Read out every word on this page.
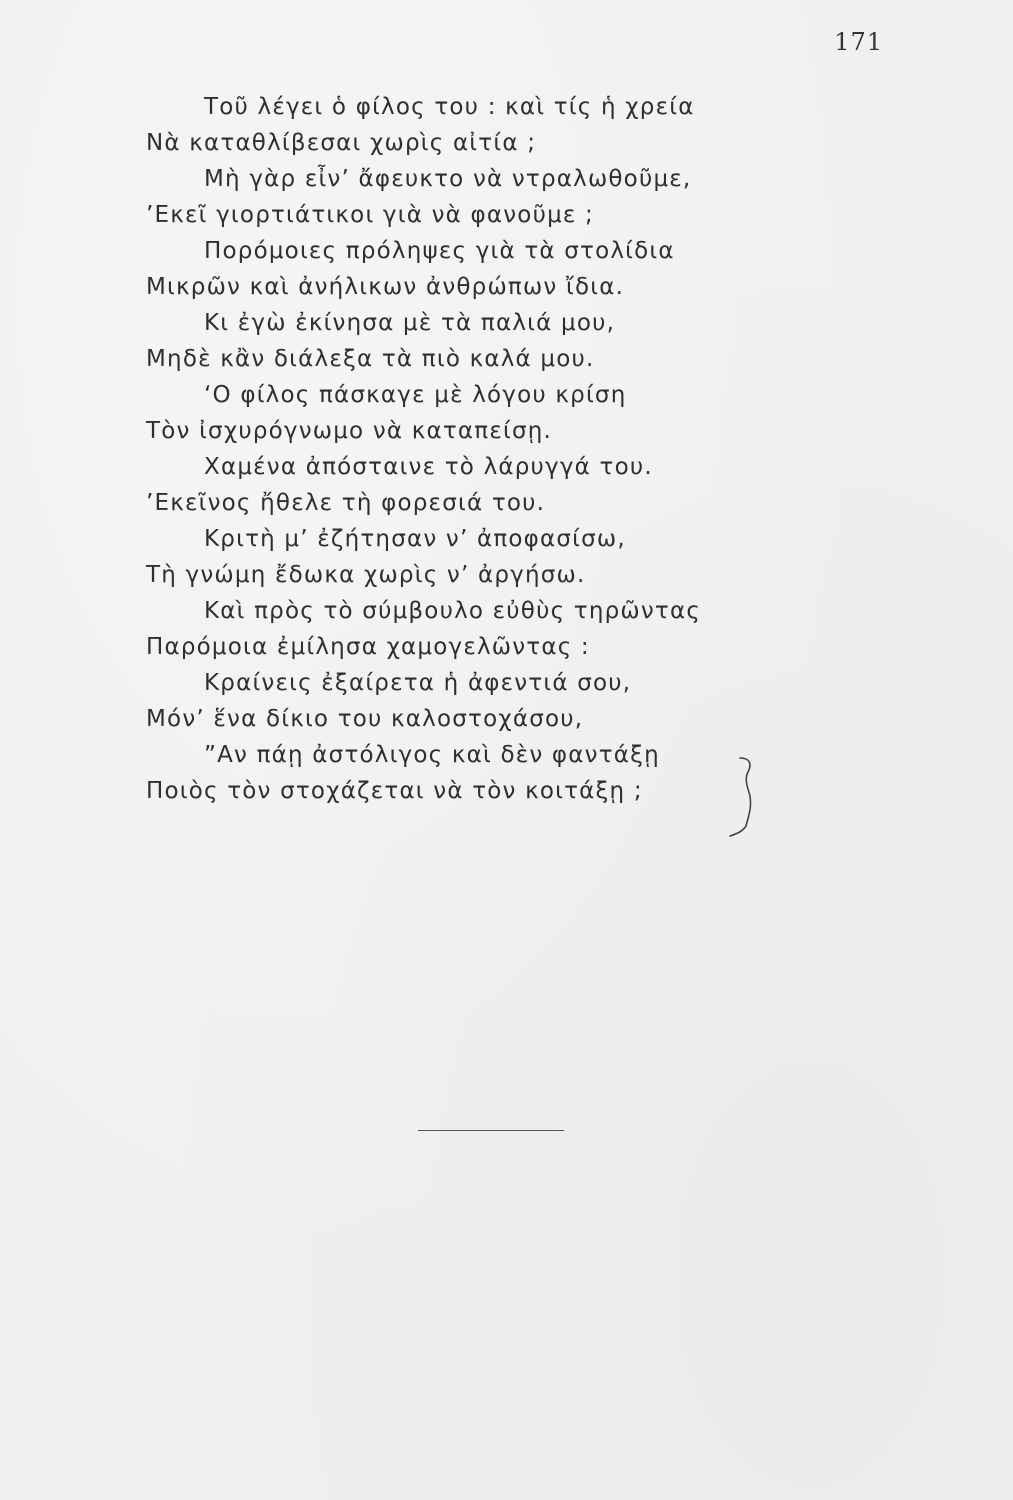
171
Τοῦ λέγει ὁ φίλος του : καὶ τίς ἡ χρεία
Νὰ καταθλίβεσαι χωρὶς αἰτία ;
Μὴ γὰρ εἶν’ ἄφευκτο νὰ ντραλωθοῦμε,
’Εκεῖ γιορτιάτικοι γιὰ νὰ φανοῦμε ;
Πορόμοιες πρόληψες γιὰ τὰ στολίδια
Μικρῶν καὶ ἀνήλικων ἀνθρώπων ἴδια.
Κι ἐγὼ ἐκίνησα μὲ τὰ παλιά μου,
Μηδὲ κἂν διάλεξα τὰ πιὸ καλά μου.
‘Ο φίλος πάσκαγε μὲ λόγου κρίση
Τὸν ἰσχυρόγνωμο νὰ καταπείσῃ.
Χαμένα ἀπόσταινε τὸ λάρυγγά του.
’Εκεῖνος ἤθελε τὴ φορεσιά του.
Κριτὴ μ’ ἐζήτησαν ν’ ἀποφασίσω,
Τὴ γνώμη ἔδωκα χωρὶς ν’ ἀργήσω.
Καὶ πρὸς τὸ σύμβουλο εὐθὺς τηρῶντας
Παρόμοια ἐμίλησα χαμογελῶντας :
Κραίνεις ἐξαίρετα ἡ ἀφεντιά σου,
Μόν’ ἕνα δίκιο του καλοστοχάσου,
”Αν πάῃ ἀστόλιγος καὶ δὲν φαντάξῃ
Ποιὸς τὸν στοχάζεται νὰ τὸν κοιτάξῃ ;
